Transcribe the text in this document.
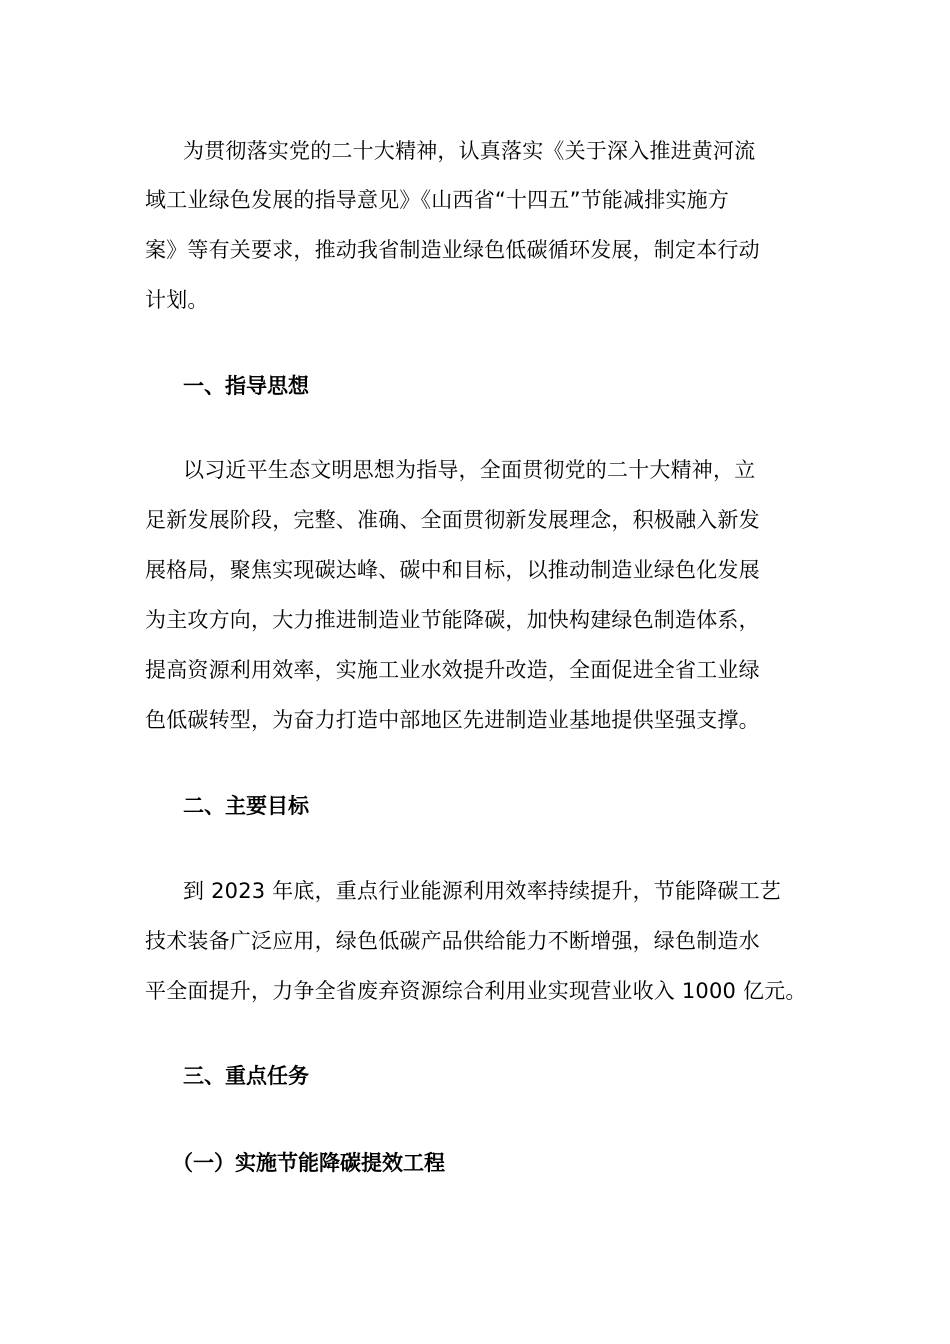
为贯彻落实党的二十大精神，认真落实《关于深入推进黄河流
域工业绿色发展的指导意见》《山西省“十四五”节能减排实施方
案》等有关要求，推动我省制造业绿色低碳循环发展，制定本行动
计划。
一、指导思想
以习近平生态文明思想为指导，全面贯彻党的二十大精神，立
足新发展阶段，完整、准确、全面贯彻新发展理念，积极融入新发
展格局，聚焦实现碳达峰、碳中和目标，以推动制造业绿色化发展
为主攻方向，大力推进制造业节能降碳，加快构建绿色制造体系，
提高资源利用效率，实施工业水效提升改造，全面促进全省工业绿
色低碳转型，为奋力打造中部地区先进制造业基地提供坚强支撑。
二、主要目标
到 2023 年底，重点行业能源利用效率持续提升，节能降碳工艺
技术装备广泛应用，绿色低碳产品供给能力不断增强，绿色制造水
平全面提升，力争全省废弃资源综合利用业实现营业收入 1000 亿元。
三、重点任务
（一）实施节能降碳提效工程
